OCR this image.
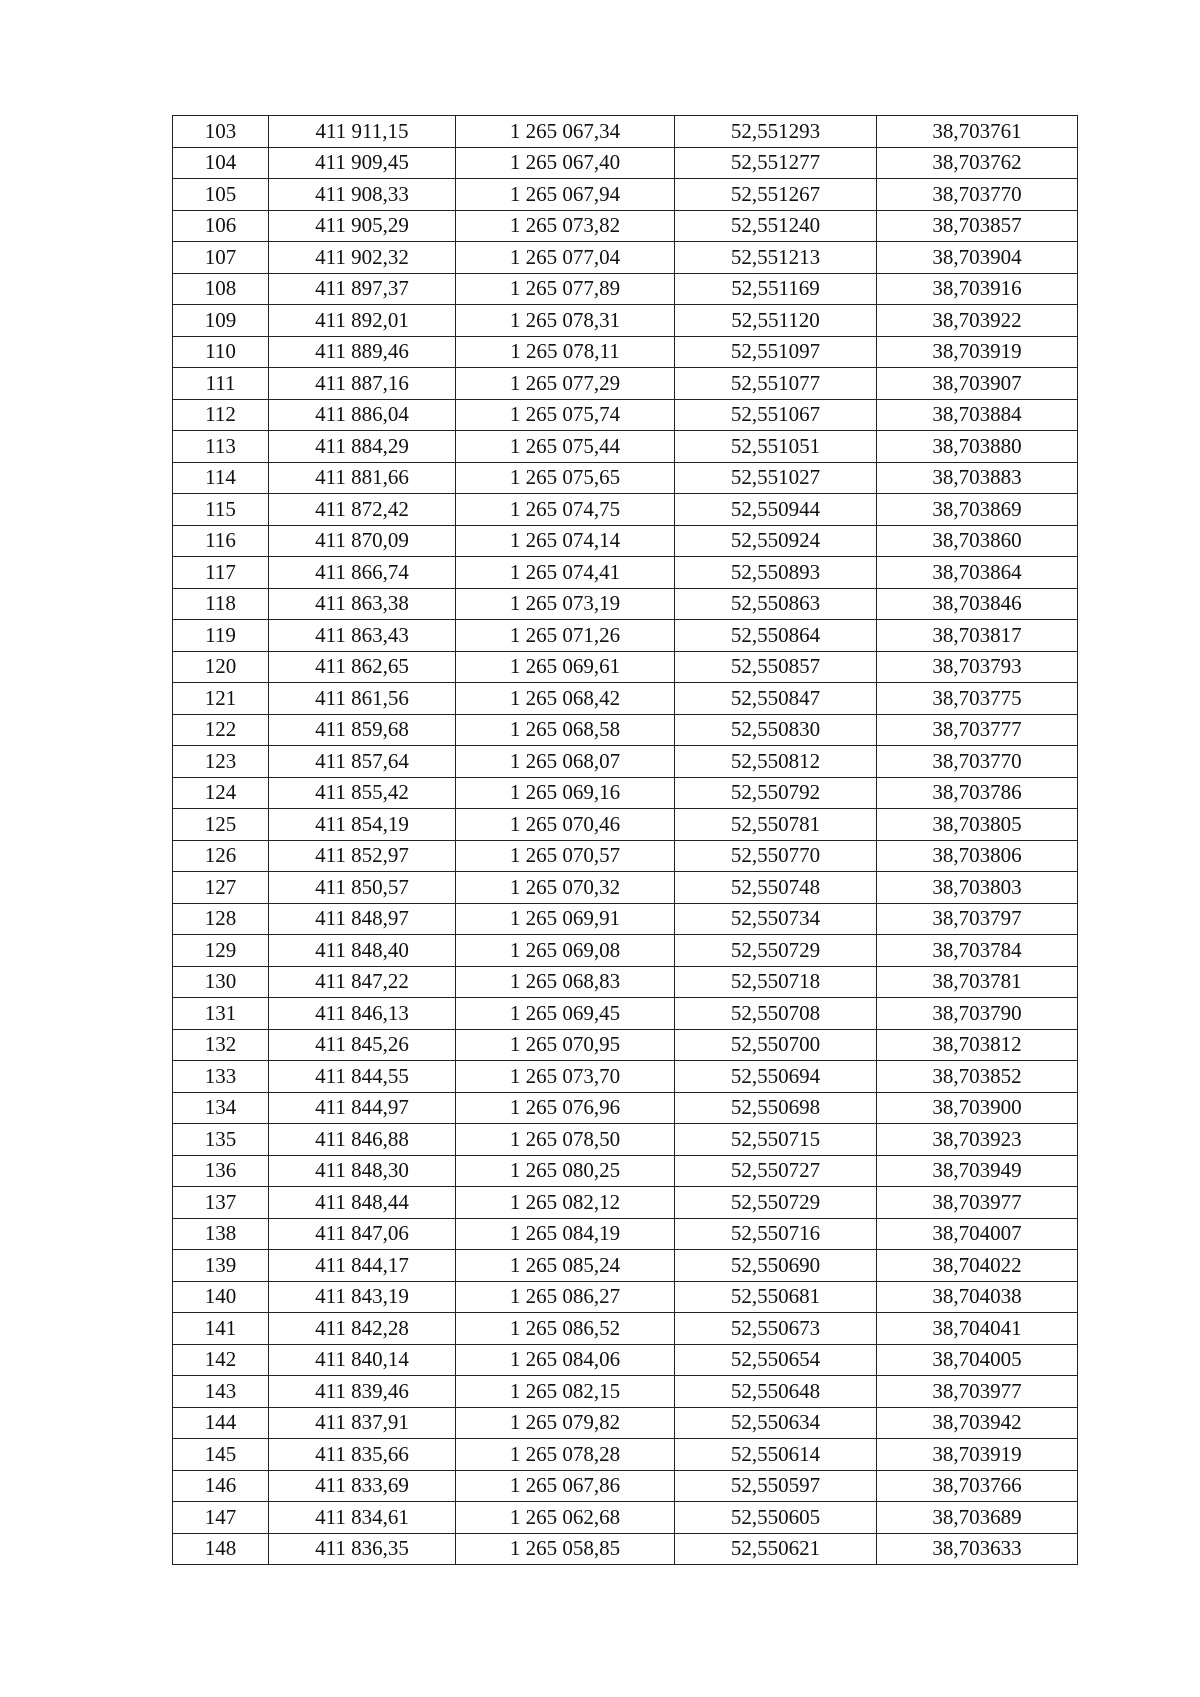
103	411 911,15	1 265 067,34	52,551293	38,703761
104	411 909,45	1 265 067,40	52,551277	38,703762
105	411 908,33	1 265 067,94	52,551267	38,703770
106	411 905,29	1 265 073,82	52,551240	38,703857
107	411 902,32	1 265 077,04	52,551213	38,703904
108	411 897,37	1 265 077,89	52,551169	38,703916
109	411 892,01	1 265 078,31	52,551120	38,703922
110	411 889,46	1 265 078,11	52,551097	38,703919
111	411 887,16	1 265 077,29	52,551077	38,703907
112	411 886,04	1 265 075,74	52,551067	38,703884
113	411 884,29	1 265 075,44	52,551051	38,703880
114	411 881,66	1 265 075,65	52,551027	38,703883
115	411 872,42	1 265 074,75	52,550944	38,703869
116	411 870,09	1 265 074,14	52,550924	38,703860
117	411 866,74	1 265 074,41	52,550893	38,703864
118	411 863,38	1 265 073,19	52,550863	38,703846
119	411 863,43	1 265 071,26	52,550864	38,703817
120	411 862,65	1 265 069,61	52,550857	38,703793
121	411 861,56	1 265 068,42	52,550847	38,703775
122	411 859,68	1 265 068,58	52,550830	38,703777
123	411 857,64	1 265 068,07	52,550812	38,703770
124	411 855,42	1 265 069,16	52,550792	38,703786
125	411 854,19	1 265 070,46	52,550781	38,703805
126	411 852,97	1 265 070,57	52,550770	38,703806
127	411 850,57	1 265 070,32	52,550748	38,703803
128	411 848,97	1 265 069,91	52,550734	38,703797
129	411 848,40	1 265 069,08	52,550729	38,703784
130	411 847,22	1 265 068,83	52,550718	38,703781
131	411 846,13	1 265 069,45	52,550708	38,703790
132	411 845,26	1 265 070,95	52,550700	38,703812
133	411 844,55	1 265 073,70	52,550694	38,703852
134	411 844,97	1 265 076,96	52,550698	38,703900
135	411 846,88	1 265 078,50	52,550715	38,703923
136	411 848,30	1 265 080,25	52,550727	38,703949
137	411 848,44	1 265 082,12	52,550729	38,703977
138	411 847,06	1 265 084,19	52,550716	38,704007
139	411 844,17	1 265 085,24	52,550690	38,704022
140	411 843,19	1 265 086,27	52,550681	38,704038
141	411 842,28	1 265 086,52	52,550673	38,704041
142	411 840,14	1 265 084,06	52,550654	38,704005
143	411 839,46	1 265 082,15	52,550648	38,703977
144	411 837,91	1 265 079,82	52,550634	38,703942
145	411 835,66	1 265 078,28	52,550614	38,703919
146	411 833,69	1 265 067,86	52,550597	38,703766
147	411 834,61	1 265 062,68	52,550605	38,703689
148	411 836,35	1 265 058,85	52,550621	38,703633
